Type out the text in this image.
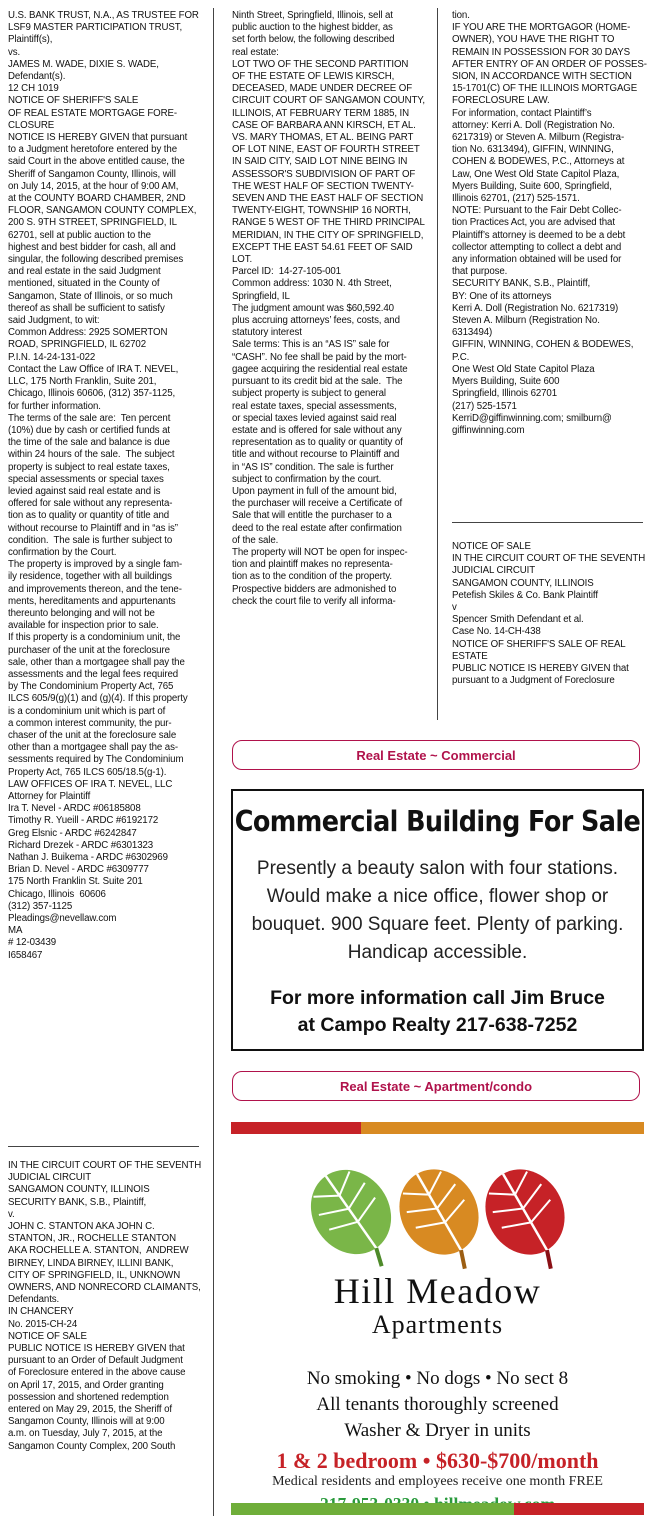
U.S. BANK TRUST, N.A., AS TRUSTEE FOR

LSF9 MASTER PARTICIPATION TRUST,

Plaintiff(s),

vs.

JAMES M. WADE, DIXIE S. WADE,

Defendant(s).

12 CH 1019

NOTICE OF SHERIFF'S SALE

OF REAL ESTATE MORTGAGE FORE-

CLOSURE

NOTICE IS HEREBY GIVEN that pursuant

to a Judgment heretofore entered by the

said Court in the above entitled cause, the

Sheriff of Sangamon County, Illinois, will

on July 14, 2015, at the hour of 9:00 AM,

at the COUNTY BOARD CHAMBER, 2ND

FLOOR, SANGAMON COUNTY COMPLEX,

200 S. 9TH STREET, SPRINGFIELD, IL

62701, sell at public auction to the

highest and best bidder for cash, all and

singular, the following described premises

and real estate in the said Judgment

mentioned, situated in the County of

Sangamon, State of Illinois, or so much

thereof as shall be sufficient to satisfy

said Judgment, to wit:

Common Address: 2925 SOMERTON

ROAD, SPRINGFIELD, IL 62702

P.I.N. 14-24-131-022

Contact the Law Office of IRA T. NEVEL,

LLC, 175 North Franklin, Suite 201,

Chicago, Illinois 60606, (312) 357-1125,

for further information.

The terms of the sale are:  Ten percent

(10%) due by cash or certified funds at

the time of the sale and balance is due

within 24 hours of the sale.  The subject

property is subject to real estate taxes,

special assessments or special taxes

levied against said real estate and is

offered for sale without any representa-

tion as to quality or quantity of title and

without recourse to Plaintiff and in “as is”

condition.  The sale is further subject to

confirmation by the Court.

The property is improved by a single fam-

ily residence, together with all buildings

and improvements thereon, and the tene-

ments, hereditaments and appurtenants

thereunto belonging and will not be

available for inspection prior to sale.

If this property is a condominium unit, the

purchaser of the unit at the foreclosure

sale, other than a mortgagee shall pay the

assessments and the legal fees required

by The Condominium Property Act, 765

ILCS 605/9(g)(1) and (g)(4). If this property

is a condominium unit which is part of

a common interest community, the pur-

chaser of the unit at the foreclosure sale

other than a mortgagee shall pay the as-

sessments required by The Condominium

Property Act, 765 ILCS 605/18.5(g-1).

LAW OFFICES OF IRA T. NEVEL, LLC

Attorney for Plaintiff

Ira T. Nevel - ARDC #06185808

Timothy R. Yueill - ARDC #6192172

Greg Elsnic - ARDC #6242847

Richard Drezek - ARDC #6301323

Nathan J. Buikema - ARDC #6302969

Brian D. Nevel - ARDC #6309777

175 North Franklin St. Suite 201

Chicago, Illinois  60606

(312) 357-1125

Pleadings@nevellaw.com

MA

# 12-03439

I658467

IN THE CIRCUIT COURT OF THE SEVENTH

JUDICIAL CIRCUIT

SANGAMON COUNTY, ILLINOIS

SECURITY BANK, S.B., Plaintiff,

v.

JOHN C. STANTON AKA JOHN C.

STANTON, JR., ROCHELLE STANTON

AKA ROCHELLE A. STANTON,  ANDREW

BIRNEY, LINDA BIRNEY, ILLINI BANK,

CITY OF SPRINGFIELD, IL, UNKNOWN

OWNERS, AND NONRECORD CLAIMANTS,

Defendants.

IN CHANCERY

No. 2015-CH-24

NOTICE OF SALE

PUBLIC NOTICE IS HEREBY GIVEN that

pursuant to an Order of Default Judgment

of Foreclosure entered in the above cause

on April 17, 2015, and Order granting

possession and shortened redemption

entered on May 29, 2015, the Sheriff of

Sangamon County, Illinois will at 9:00

a.m. on Tuesday, July 7, 2015, at the

Sangamon County Complex, 200 South

Ninth Street, Springfield, Illinois, sell at

public auction to the highest bidder, as

set forth below, the following described

real estate:

LOT TWO OF THE SECOND PARTITION

OF THE ESTATE OF LEWIS KIRSCH,

DECEASED, MADE UNDER DECREE OF

CIRCUIT COURT OF SANGAMON COUNTY,

ILLINOIS, AT FEBRUARY TERM 1885, IN

CASE OF BARBARA ANN KIRSCH, ET AL.

VS. MARY THOMAS, ET AL. BEING PART

OF LOT NINE, EAST OF FOURTH STREET

IN SAID CITY, SAID LOT NINE BEING IN

ASSESSOR'S SUBDIVISION OF PART OF

THE WEST HALF OF SECTION TWENTY-

SEVEN AND THE EAST HALF OF SECTION

TWENTY-EIGHT, TOWNSHIP 16 NORTH,

RANGE 5 WEST OF THE THIRD PRINCIPAL

MERIDIAN, IN THE CITY OF SPRINGFIELD,

EXCEPT THE EAST 54.61 FEET OF SAID

LOT.

Parcel ID:  14-27-105-001

Common address: 1030 N. 4th Street,

Springfield, IL

The judgment amount was $60,592.40

plus accruing attorneys’ fees, costs, and

statutory interest

Sale terms: This is an “AS IS” sale for

“CASH”. No fee shall be paid by the mort-

gagee acquiring the residential real estate

pursuant to its credit bid at the sale.  The

subject property is subject to general

real estate taxes, special assessments,

or special taxes levied against said real

estate and is offered for sale without any

representation as to quality or quantity of

title and without recourse to Plaintiff and

in “AS IS” condition. The sale is further

subject to confirmation by the court.

Upon payment in full of the amount bid,

the purchaser will receive a Certificate of

Sale that will entitle the purchaser to a

deed to the real estate after confirmation

of the sale.

The property will NOT be open for inspec-

tion and plaintiff makes no representa-

tion as to the condition of the property.

Prospective bidders are admonished to

check the court file to verify all informa-

tion.

IF YOU ARE THE MORTGAGOR (HOME-

OWNER), YOU HAVE THE RIGHT TO

REMAIN IN POSSESSION FOR 30 DAYS

AFTER ENTRY OF AN ORDER OF POSSES-

SION, IN ACCORDANCE WITH SECTION

15-1701(C) OF THE ILLINOIS MORTGAGE

FORECLOSURE LAW.

For information, contact Plaintiff’s

attorney: Kerri A. Doll (Registration No.

6217319) or Steven A. Milburn (Registra-

tion No. 6313494), GIFFIN, WINNING,

COHEN & BODEWES, P.C., Attorneys at

Law, One West Old State Capitol Plaza,

Myers Building, Suite 600, Springfield,

Illinois 62701, (217) 525-1571.

NOTE: Pursuant to the Fair Debt Collec-

tion Practices Act, you are advised that

Plaintiff’s attorney is deemed to be a debt

collector attempting to collect a debt and

any information obtained will be used for

that purpose.

SECURITY BANK, S.B., Plaintiff,

BY: One of its attorneys

Kerri A. Doll (Registration No. 6217319)

Steven A. Milburn (Registration No.

6313494)

GIFFIN, WINNING, COHEN & BODEWES,

P.C.

One West Old State Capitol Plaza

Myers Building, Suite 600

Springfield, Illinois 62701

(217) 525-1571

KerriD@giffinwinning.com; smilburn@

giffinwinning.com

NOTICE OF SALE

IN THE CIRCUIT COURT OF THE SEVENTH

JUDICIAL CIRCUIT

SANGAMON COUNTY, ILLINOIS

Petefish Skiles & Co. Bank Plaintiff

v

Spencer Smith Defendant et al.

Case No. 14-CH-438

NOTICE OF SHERIFF'S SALE OF REAL

ESTATE

PUBLIC NOTICE IS HEREBY GIVEN that

pursuant to a Judgment of Foreclosure

Real Estate ~ Commercial
Commercial Building For Sale
Presently a beauty salon with four stations.
Would make a nice office, flower shop or
bouquet. 900 Square feet. Plenty of parking.
Handicap accessible.
For more information call Jim Bruce
at Campo Realty 217-638-7252
Real Estate ~ Apartment/condo
Hill Meadow
Apartments
No smoking • No dogs • No sect 8
All tenants thoroughly screened
Washer & Dryer in units
1 & 2 bedroom • $630-$700/month
Medical residents and employees receive one month FREE
